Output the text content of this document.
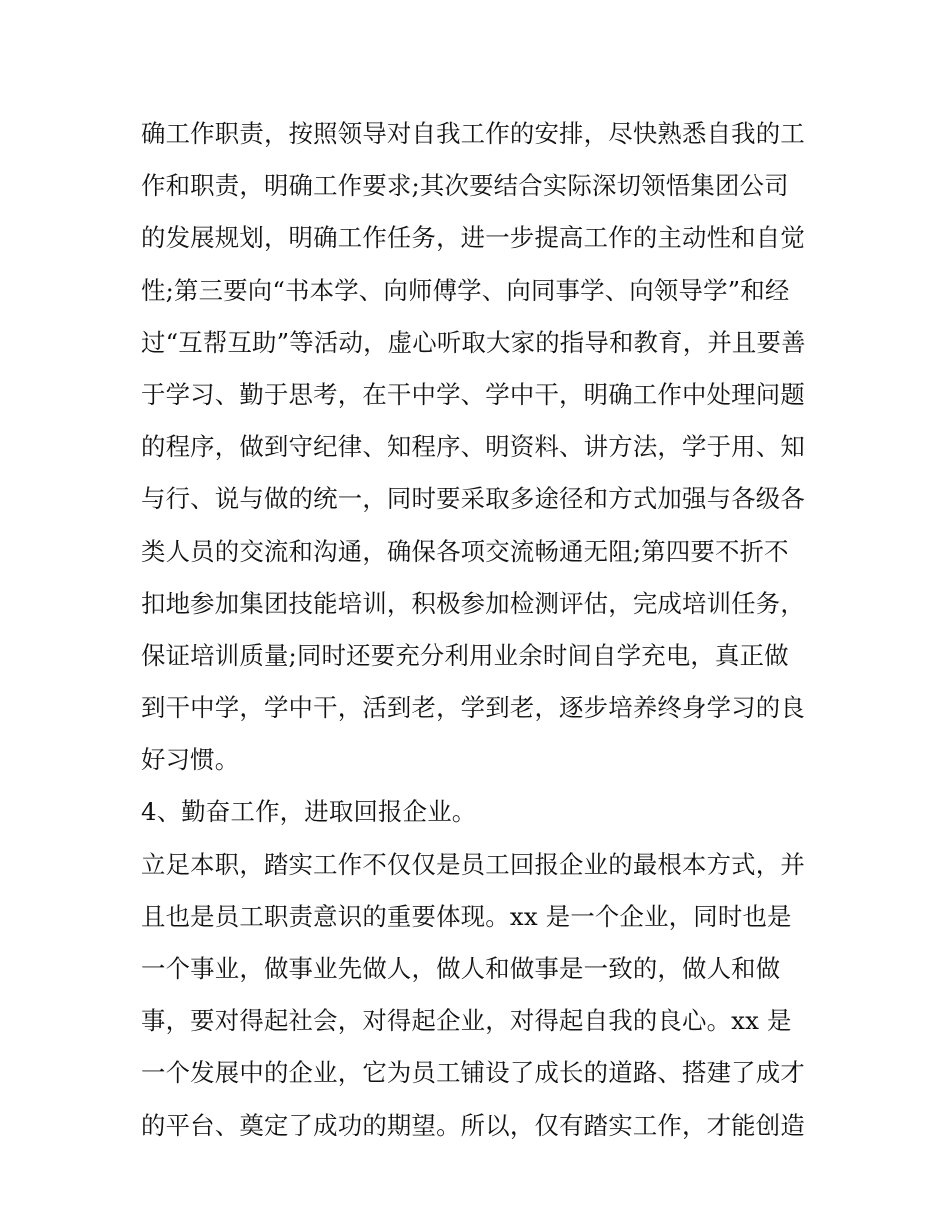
确工作职责，按照领导对自我工作的安排，尽快熟悉自我的工
作和职责，明确工作要求;其次要结合实际深切领悟集团公司
的发展规划，明确工作任务，进一步提高工作的主动性和自觉
性;第三要向“书本学、向师傅学、向同事学、向领导学”和经
过“互帮互助”等活动，虚心听取大家的指导和教育，并且要善
于学习、勤于思考，在干中学、学中干，明确工作中处理问题
的程序，做到守纪律、知程序、明资料、讲方法，学于用、知
与行、说与做的统一，同时要采取多途径和方式加强与各级各
类人员的交流和沟通，确保各项交流畅通无阻;第四要不折不
扣地参加集团技能培训，积极参加检测评估，完成培训任务，
保证培训质量;同时还要充分利用业余时间自学充电，真正做
到干中学，学中干，活到老，学到老，逐步培养终身学习的良
好习惯。
4、勤奋工作，进取回报企业。
立足本职，踏实工作不仅仅是员工回报企业的最根本方式，并
且也是员工职责意识的重要体现。xx 是一个企业，同时也是
一个事业，做事业先做人，做人和做事是一致的，做人和做
事，要对得起社会，对得起企业，对得起自我的良心。xx 是
一个发展中的企业，它为员工铺设了成长的道路、搭建了成才
的平台、奠定了成功的期望。所以，仅有踏实工作，才能创造
